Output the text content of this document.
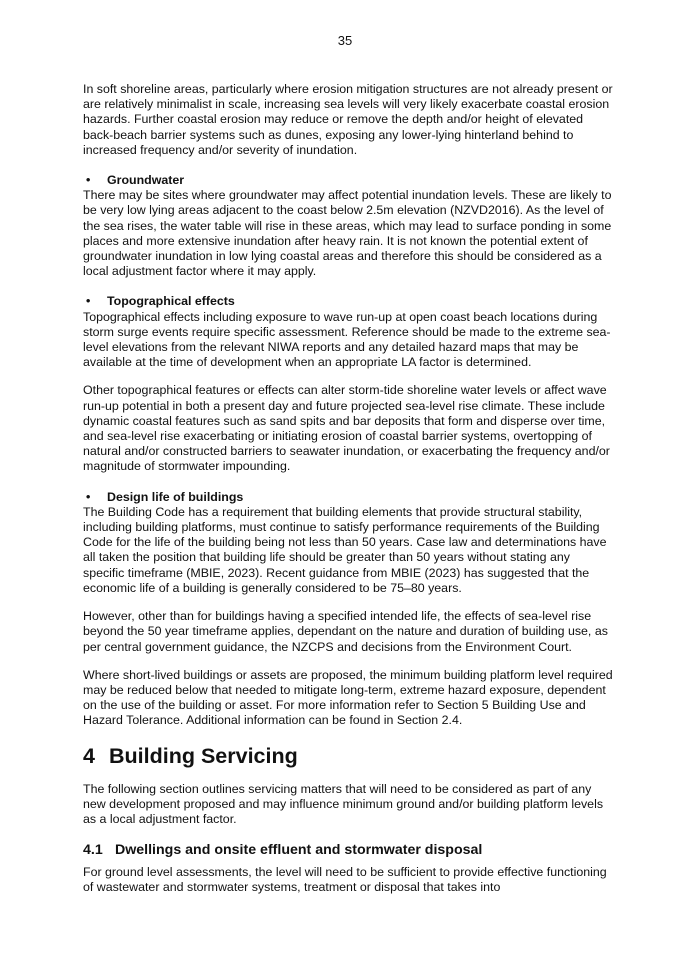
35

In soft shoreline areas, particularly where erosion mitigation structures are not already present or are relatively minimalist in scale, increasing sea levels will very likely exacerbate coastal erosion hazards. Further coastal erosion may reduce or remove the depth and/or height of elevated back-beach barrier systems such as dunes, exposing any lower-lying hinterland behind to increased frequency and/or severity of inundation.

•	Groundwater

There may be sites where groundwater may affect potential inundation levels. These are likely to be very low lying areas adjacent to the coast below 2.5m elevation (NZVD2016). As the level of the sea rises, the water table will rise in these areas, which may lead to surface ponding in some places and more extensive inundation after heavy rain. It is not known the potential extent of groundwater inundation in low lying coastal areas and therefore this should be considered as a local adjustment factor where it may apply.

•	Topographical effects

Topographical effects including exposure to wave run-up at open coast beach locations during storm surge events require specific assessment. Reference should be made to the extreme sea-level elevations from the relevant NIWA reports and any detailed hazard maps that may be available at the time of development when an appropriate LA factor is determined.

Other topographical features or effects can alter storm-tide shoreline water levels or affect wave run-up potential in both a present day and future projected sea-level rise climate. These include dynamic coastal features such as sand spits and bar deposits that form and disperse over time, and sea-level rise exacerbating or initiating erosion of coastal barrier systems, overtopping of natural and/or constructed barriers to seawater inundation, or exacerbating the frequency and/or magnitude of stormwater impounding.

•	Design life of buildings

The Building Code has a requirement that building elements that provide structural stability, including building platforms, must continue to satisfy performance requirements of the Building Code for the life of the building being not less than 50 years. Case law and determinations have all taken the position that building life should be greater than 50 years without stating any specific timeframe (MBIE, 2023). Recent guidance from MBIE (2023) has suggested that the economic life of a building is generally considered to be 75–80 years.

However, other than for buildings having a specified intended life, the effects of sea-level rise beyond the 50 year timeframe applies, dependant on the nature and duration of building use, as per central government guidance, the NZCPS and decisions from the Environment Court.

Where short-lived buildings or assets are proposed, the minimum building platform level required may be reduced below that needed to mitigate long-term, extreme hazard exposure, dependent on the use of the building or asset. For more information refer to Section 5 Building Use and Hazard Tolerance. Additional information can be found in Section 2.4.

4 Building Servicing

The following section outlines servicing matters that will need to be considered as part of any new development proposed and may influence minimum ground and/or building platform levels as a local adjustment factor.

4.1 Dwellings and onsite effluent and stormwater disposal

For ground level assessments, the level will need to be sufficient to provide effective functioning of wastewater and stormwater systems, treatment or disposal that takes into
